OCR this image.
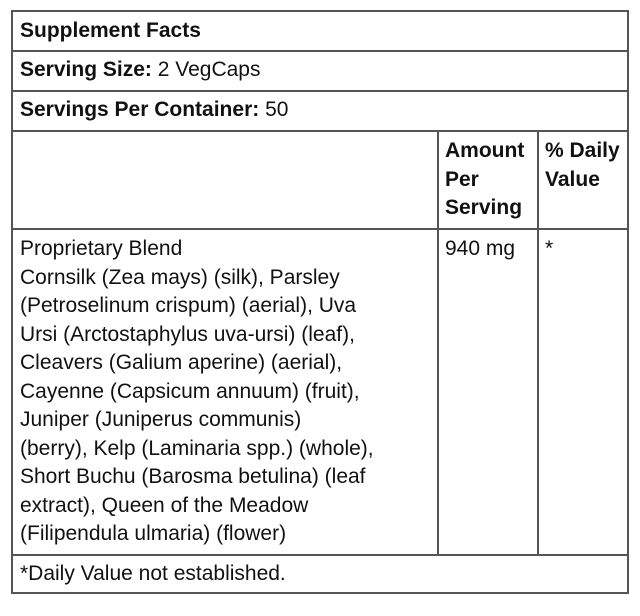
Supplement Facts
Serving Size: 2 VegCaps
Servings Per Container: 50
Amount
Per
Serving
% Daily
Value
Proprietary Blend
Cornsilk (Zea mays) (silk), Parsley
(Petroselinum crispum) (aerial), Uva
Ursi (Arctostaphylus uva-ursi) (leaf),
Cleavers (Galium aperine) (aerial),
Cayenne (Capsicum annuum) (fruit),
Juniper (Juniperus communis)
(berry), Kelp (Laminaria spp.) (whole),
Short Buchu (Barosma betulina) (leaf
extract), Queen of the Meadow
(Filipendula ulmaria) (flower)
940 mg	*
*Daily Value not established.
